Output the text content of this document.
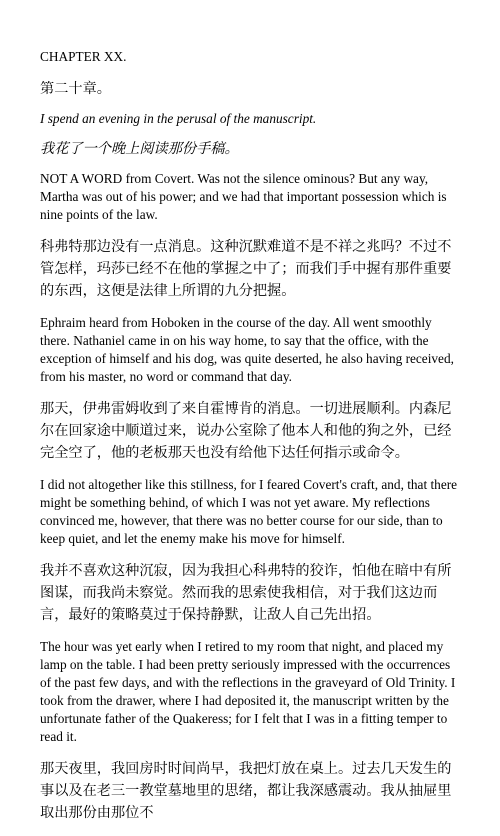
CHAPTER XX.

第二十章。

I spend an evening in the perusal of the manuscript.

我花了一个晚上阅读那份手稿。

NOT A WORD from Covert. Was not the silence ominous? But any way, Martha was out of his power; and we had that important possession which is nine points of the law.

科弗特那边没有一点消息。这种沉默难道不是不祥之兆吗？不过不管怎样，玛莎已经不在他的掌握之中了；而我们手中握有那件重要的东西，这便是法律上所谓的九分把握。

Ephraim heard from Hoboken in the course of the day. All went smoothly there. Nathaniel came in on his way home, to say that the office, with the exception of himself and his dog, was quite deserted, he also having received, from his master, no word or command that day.

那天，伊弗雷姆收到了来自霍博肯的消息。一切进展顺利。内森尼尔在回家途中顺道过来，说办公室除了他本人和他的狗之外，已经完全空了，他的老板那天也没有给他下达任何指示或命令。

I did not altogether like this stillness, for I feared Covert's craft, and, that there might be something behind, of which I was not yet aware. My reflections convinced me, however, that there was no better course for our side, than to keep quiet, and let the enemy make his move for himself.

我并不喜欢这种沉寂，因为我担心科弗特的狡诈，怕他在暗中有所图谋，而我尚未察觉。然而我的思索使我相信，对于我们这边而言，最好的策略莫过于保持静默，让敌人自己先出招。

The hour was yet early when I retired to my room that night, and placed my lamp on the table. I had been pretty seriously impressed with the occurrences of the past few days, and with the reflections in the graveyard of Old Trinity. I took from the drawer, where I had deposited it, the manuscript written by the unfortunate father of the Quakeress; for I felt that I was in a fitting temper to read it.

那天夜里，我回房时时间尚早，我把灯放在桌上。过去几天发生的事以及在老三一教堂墓地里的思绪，都让我深感震动。我从抽屉里取出那份由那位不
